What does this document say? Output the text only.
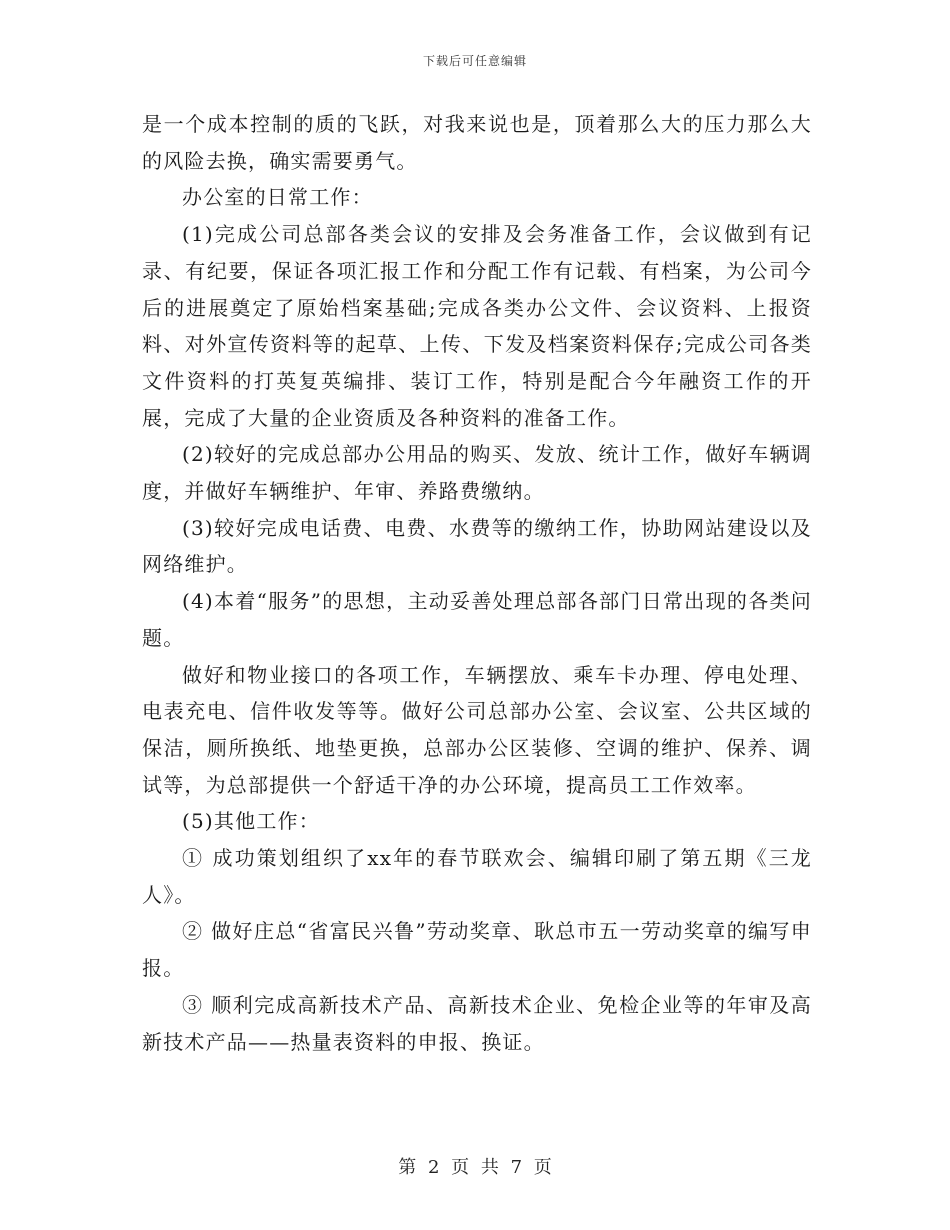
下载后可任意编辑

是一个成本控制的质的飞跃，对我来说也是，顶着那么大的压力那么大的风险去换，确实需要勇气。

办公室的日常工作：

(1)完成公司总部各类会议的安排及会务准备工作，会议做到有记录、有纪要，保证各项汇报工作和分配工作有记载、有档案，为公司今后的进展奠定了原始档案基础;完成各类办公文件、会议资料、上报资料、对外宣传资料等的起草、上传、下发及档案资料保存;完成公司各类文件资料的打英复英编排、装订工作，特别是配合今年融资工作的开展，完成了大量的企业资质及各种资料的准备工作。

(2)较好的完成总部办公用品的购买、发放、统计工作，做好车辆调度，并做好车辆维护、年审、养路费缴纳。

(3)较好完成电话费、电费、水费等的缴纳工作，协助网站建设以及网络维护。

(4)本着“服务”的思想，主动妥善处理总部各部门日常出现的各类问题。

做好和物业接口的各项工作，车辆摆放、乘车卡办理、停电处理、电表充电、信件收发等等。做好公司总部办公室、会议室、公共区域的保洁，厕所换纸、地垫更换，总部办公区装修、空调的维护、保养、调试等，为总部提供一个舒适干净的办公环境，提高员工工作效率。

(5)其他工作：

① 成功策划组织了xx年的春节联欢会、编辑印刷了第五期《三龙人》。

② 做好庄总“省富民兴鲁”劳动奖章、耿总市五一劳动奖章的编写申报。

③ 顺利完成高新技术产品、高新技术企业、免检企业等的年审及高新技术产品——热量表资料的申报、换证。

第 2 页 共 7 页
